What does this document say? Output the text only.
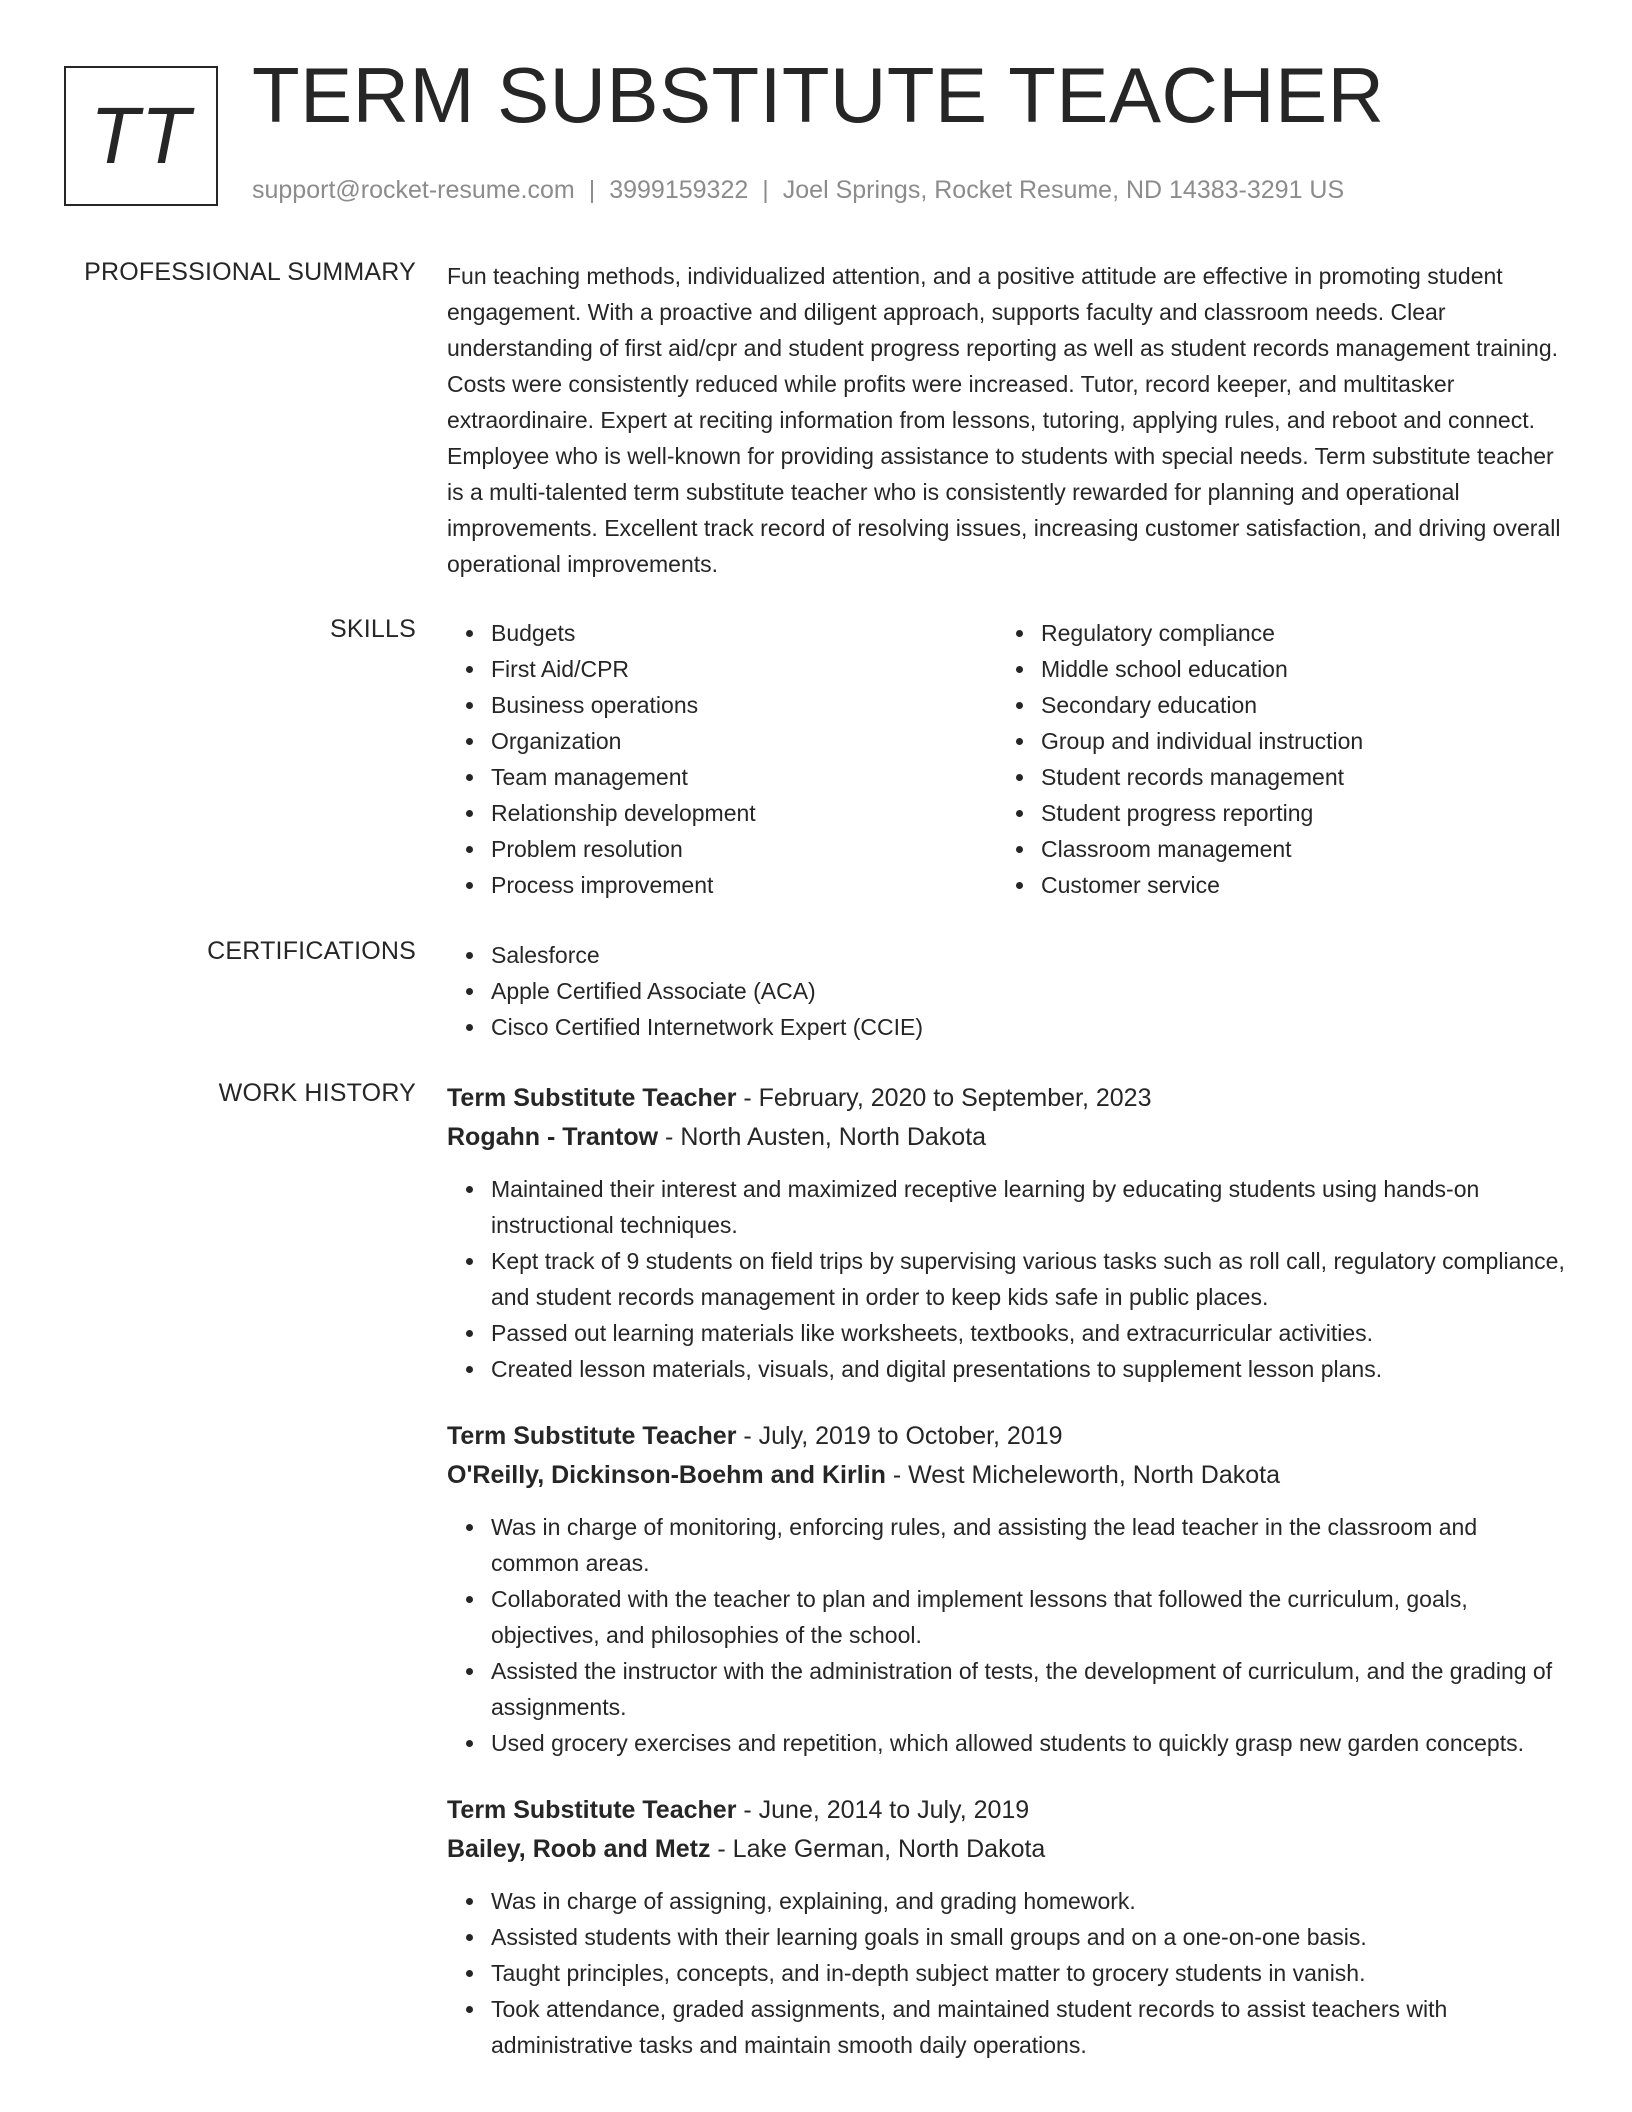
TT TERM SUBSTITUTE TEACHER
support@rocket-resume.com | 3999159322 | Joel Springs, Rocket Resume, ND 14383-3291 US
PROFESSIONAL SUMMARY Fun teaching methods, individualized attention, and a positive attitude are effective in promoting student engagement. With a proactive and diligent approach, supports faculty and classroom needs. Clear understanding of first aid/cpr and student progress reporting as well as student records management training. Costs were consistently reduced while profits were increased. Tutor, record keeper, and multitasker extraordinaire. Expert at reciting information from lessons, tutoring, applying rules, and reboot and connect. Employee who is well-known for providing assistance to students with special needs. Term substitute teacher is a multi-talented term substitute teacher who is consistently rewarded for planning and operational improvements. Excellent track record of resolving issues, increasing customer satisfaction, and driving overall operational improvements.

SKILLS	Budgets
First Aid/CPR
Business operations
Organization
Team management
Relationship development
Problem resolution
Process improvement
Regulatory compliance
Middle school education
Secondary education
Group and individual instruction
Student records management
Student progress reporting
Classroom management
Customer service
CERTIFICATIONS	Salesforce
Apple Certified Associate (ACA)
Cisco Certified Internetwork Expert (CCIE)
WORK HISTORY Term Substitute Teacher - February, 2020 to September, 2023
Rogahn - Trantow - North Austen, North Dakota
Maintained their interest and maximized receptive learning by educating students using hands-on instructional techniques.
Kept track of 9 students on field trips by supervising various tasks such as roll call, regulatory compliance, and student records management in order to keep kids safe in public places.
Passed out learning materials like worksheets, textbooks, and extracurricular activities.
Created lesson materials, visuals, and digital presentations to supplement lesson plans.
Term Substitute Teacher - July, 2019 to October, 2019
O'Reilly, Dickinson-Boehm and Kirlin - West Micheleworth, North Dakota
Was in charge of monitoring, enforcing rules, and assisting the lead teacher in the classroom and common areas.
Collaborated with the teacher to plan and implement lessons that followed the curriculum, goals, objectives, and philosophies of the school.
Assisted the instructor with the administration of tests, the development of curriculum, and the grading of assignments.
Used grocery exercises and repetition, which allowed students to quickly grasp new garden concepts.
Term Substitute Teacher - June, 2014 to July, 2019
Bailey, Roob and Metz - Lake German, North Dakota
Was in charge of assigning, explaining, and grading homework.
Assisted students with their learning goals in small groups and on a one-on-one basis.
Taught principles, concepts, and in-depth subject matter to grocery students in vanish.
Took attendance, graded assignments, and maintained student records to assist teachers with administrative tasks and maintain smooth daily operations.
